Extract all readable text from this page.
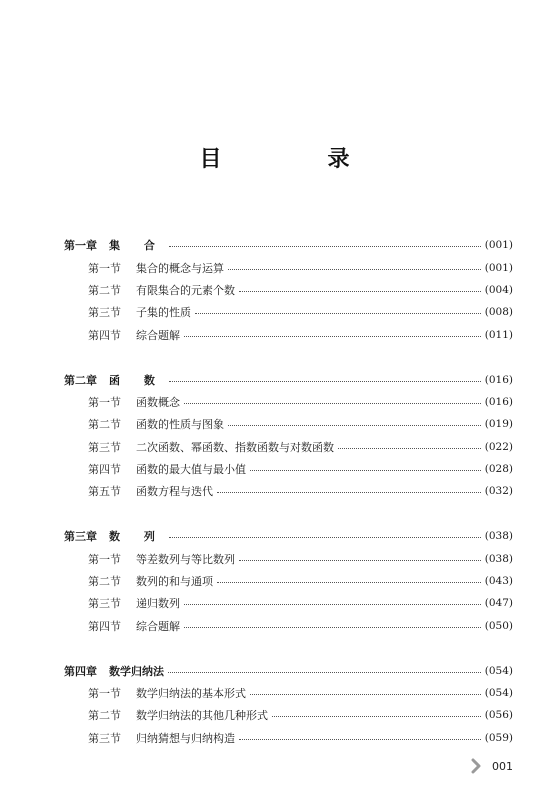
目　录
第一章 集 合	(001)
第一节	集合的概念与运算	(001)
第二节	有限集合的元素个数	(004)
第三节	子集的性质	(008)
第四节	综合题解	(011)
第二章 函 数	(016)
第一节	函数概念	(016)
第二节	函数的性质与图象	(019)
第三节	二次函数、幂函数、指数函数与对数函数	(022)
第四节	函数的最大值与最小值	(028)
第五节	函数方程与迭代	(032)
第三章 数 列	(038)
第一节	等差数列与等比数列	(038)
第二节	数列的和与通项	(043)
第三节	递归数列	(047)
第四节	综合题解	(050)
第四章 数学归纳法	(054)
第一节	数学归纳法的基本形式	(054)
第二节	数学归纳法的其他几种形式	(056)
第三节	归纳猜想与归纳构造	(059)
001
